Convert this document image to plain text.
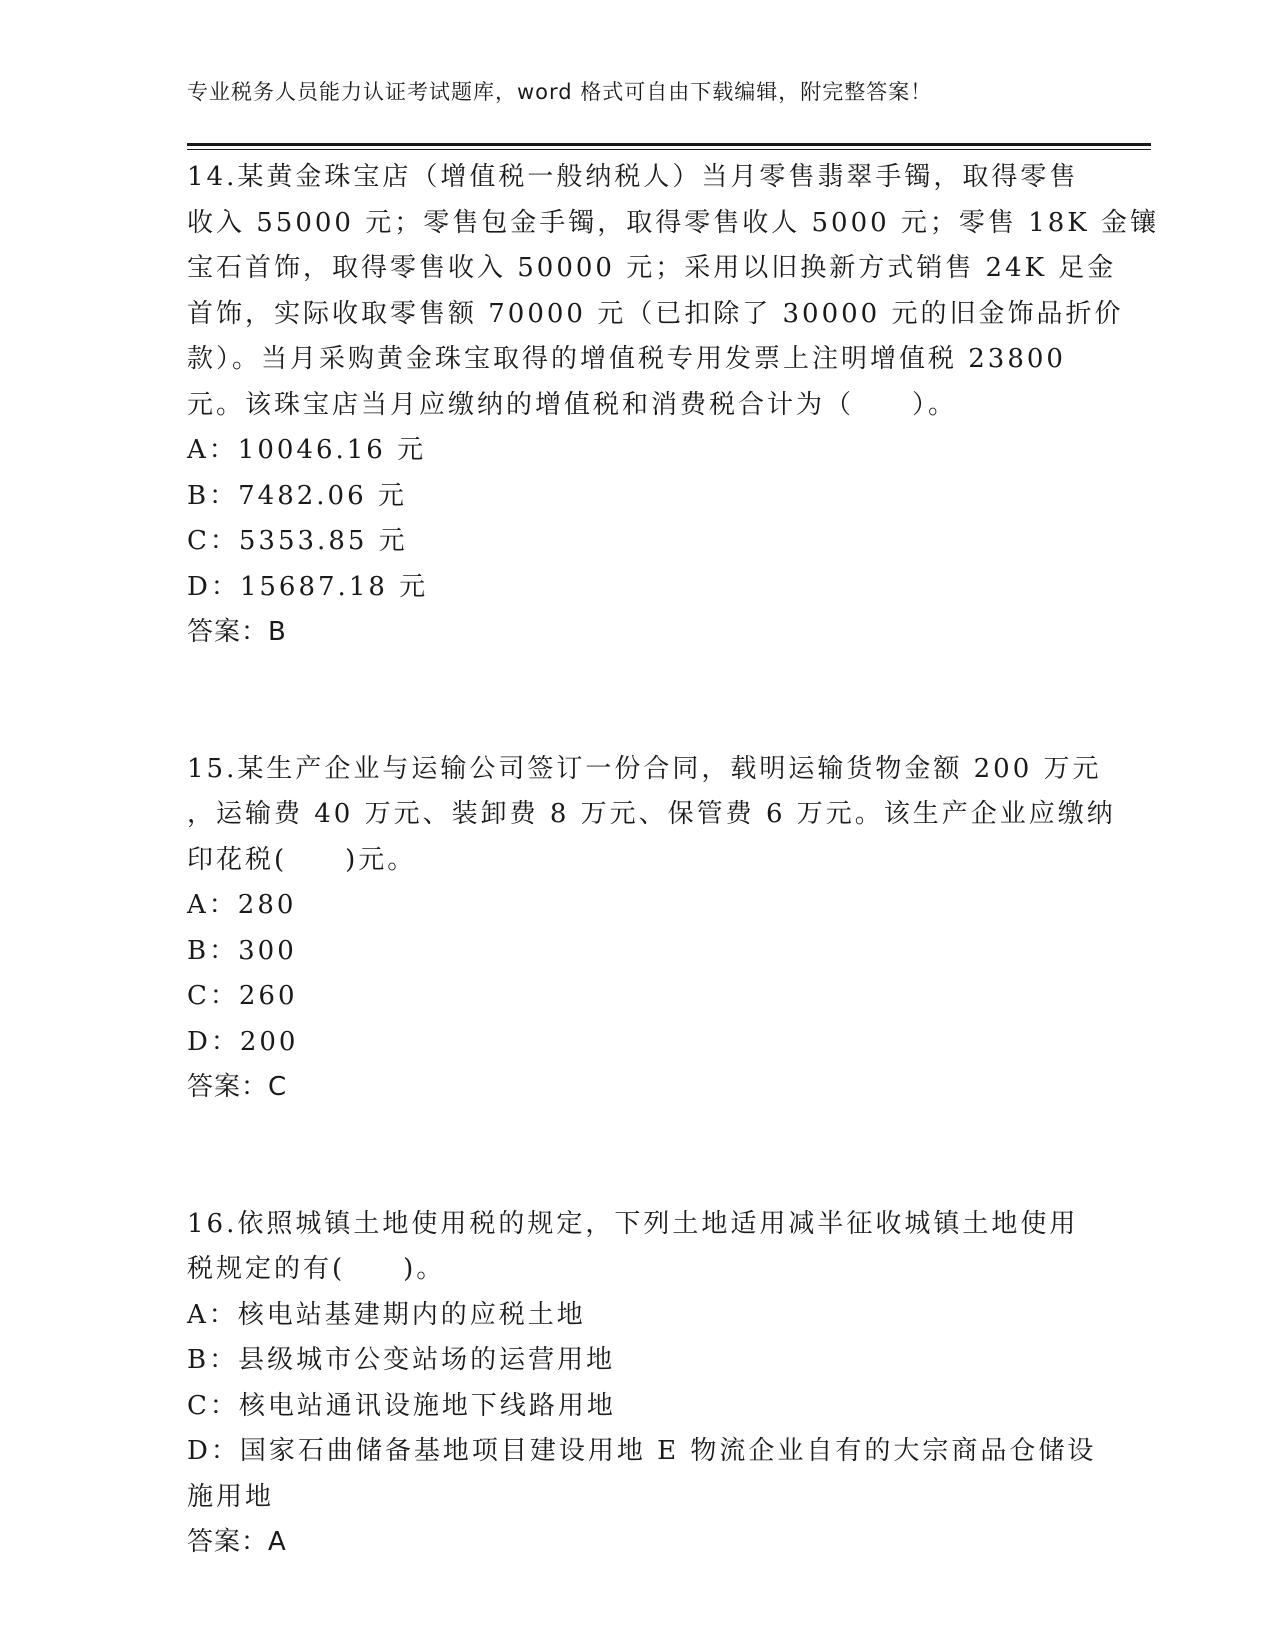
专业税务人员能力认证考试题库，word 格式可自由下载编辑，附完整答案！
14.某黄金珠宝店（增值税一般纳税人）当月零售翡翠手镯，取得零售
收入 55000 元；零售包金手镯，取得零售收人 5000 元；零售 18K 金镶
宝石首饰，取得零售收入 50000 元；采用以旧换新方式销售 24K 足金
首饰，实际收取零售额 70000 元（已扣除了 30000 元的旧金饰品折价
款）。当月采购黄金珠宝取得的增值税专用发票上注明增值税 23800
元。该珠宝店当月应缴纳的增值税和消费税合计为（　　）。
A：10046.16 元
B：7482.06 元
C：5353.85 元
D：15687.18 元
答案：B
15.某生产企业与运输公司签订一份合同，载明运输货物金额 200 万元
，运输费 40 万元、装卸费 8 万元、保管费 6 万元。该生产企业应缴纳
印花税(　　)元。
A：280
B：300
C：260
D：200
答案：C
16.依照城镇土地使用税的规定，下列土地适用减半征收城镇土地使用
税规定的有(　　)。
A：核电站基建期内的应税土地
B：县级城市公变站场的运营用地
C：核电站通讯设施地下线路用地
D：国家石曲储备基地项目建设用地 E 物流企业自有的大宗商品仓储设
施用地
答案：A
